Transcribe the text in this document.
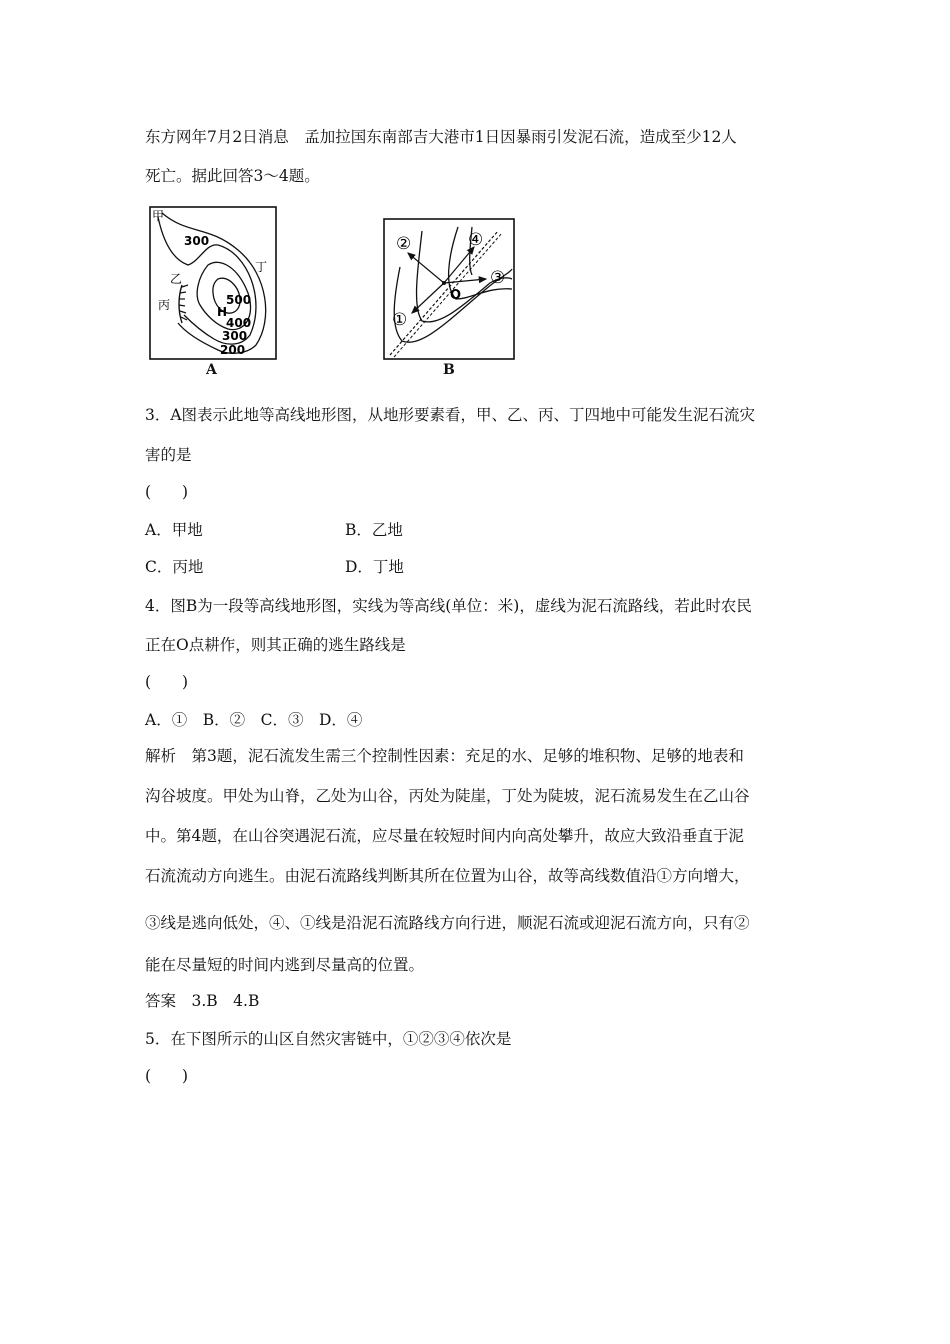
东方网年7月2日消息　孟加拉国东南部吉大港市1日因暴雨引发泥石流，造成至少12人
死亡。据此回答3～4题。
甲
乙
丙
丁
H
300
500
400
300
200
A
O
①
②
③
④
B
3．A图表示此地等高线地形图，从地形要素看，甲、乙、丙、丁四地中可能发生泥石流灾
害的是
(　　)
A．甲地	B．乙地
C．丙地	D．丁地
4．图B为一段等高线地形图，实线为等高线(单位：米)，虚线为泥石流路线，若此时农民
正在O点耕作，则其正确的逃生路线是
(　　)
A．①　B．②　C．③　D．④
解析　第3题，泥石流发生需三个控制性因素：充足的水、足够的堆积物、足够的地表和
沟谷坡度。甲处为山脊，乙处为山谷，丙处为陡崖，丁处为陡坡，泥石流易发生在乙山谷
中。第4题，在山谷突遇泥石流，应尽量在较短时间内向高处攀升，故应大致沿垂直于泥
石流流动方向逃生。由泥石流路线判断其所在位置为山谷，故等高线数值沿①方向增大，
③线是逃向低处，④、①线是沿泥石流路线方向行进，顺泥石流或迎泥石流方向，只有②
能在尽量短的时间内逃到尽量高的位置。
答案　3.B　4.B
5．在下图所示的山区自然灾害链中，①②③④依次是
(　　)
